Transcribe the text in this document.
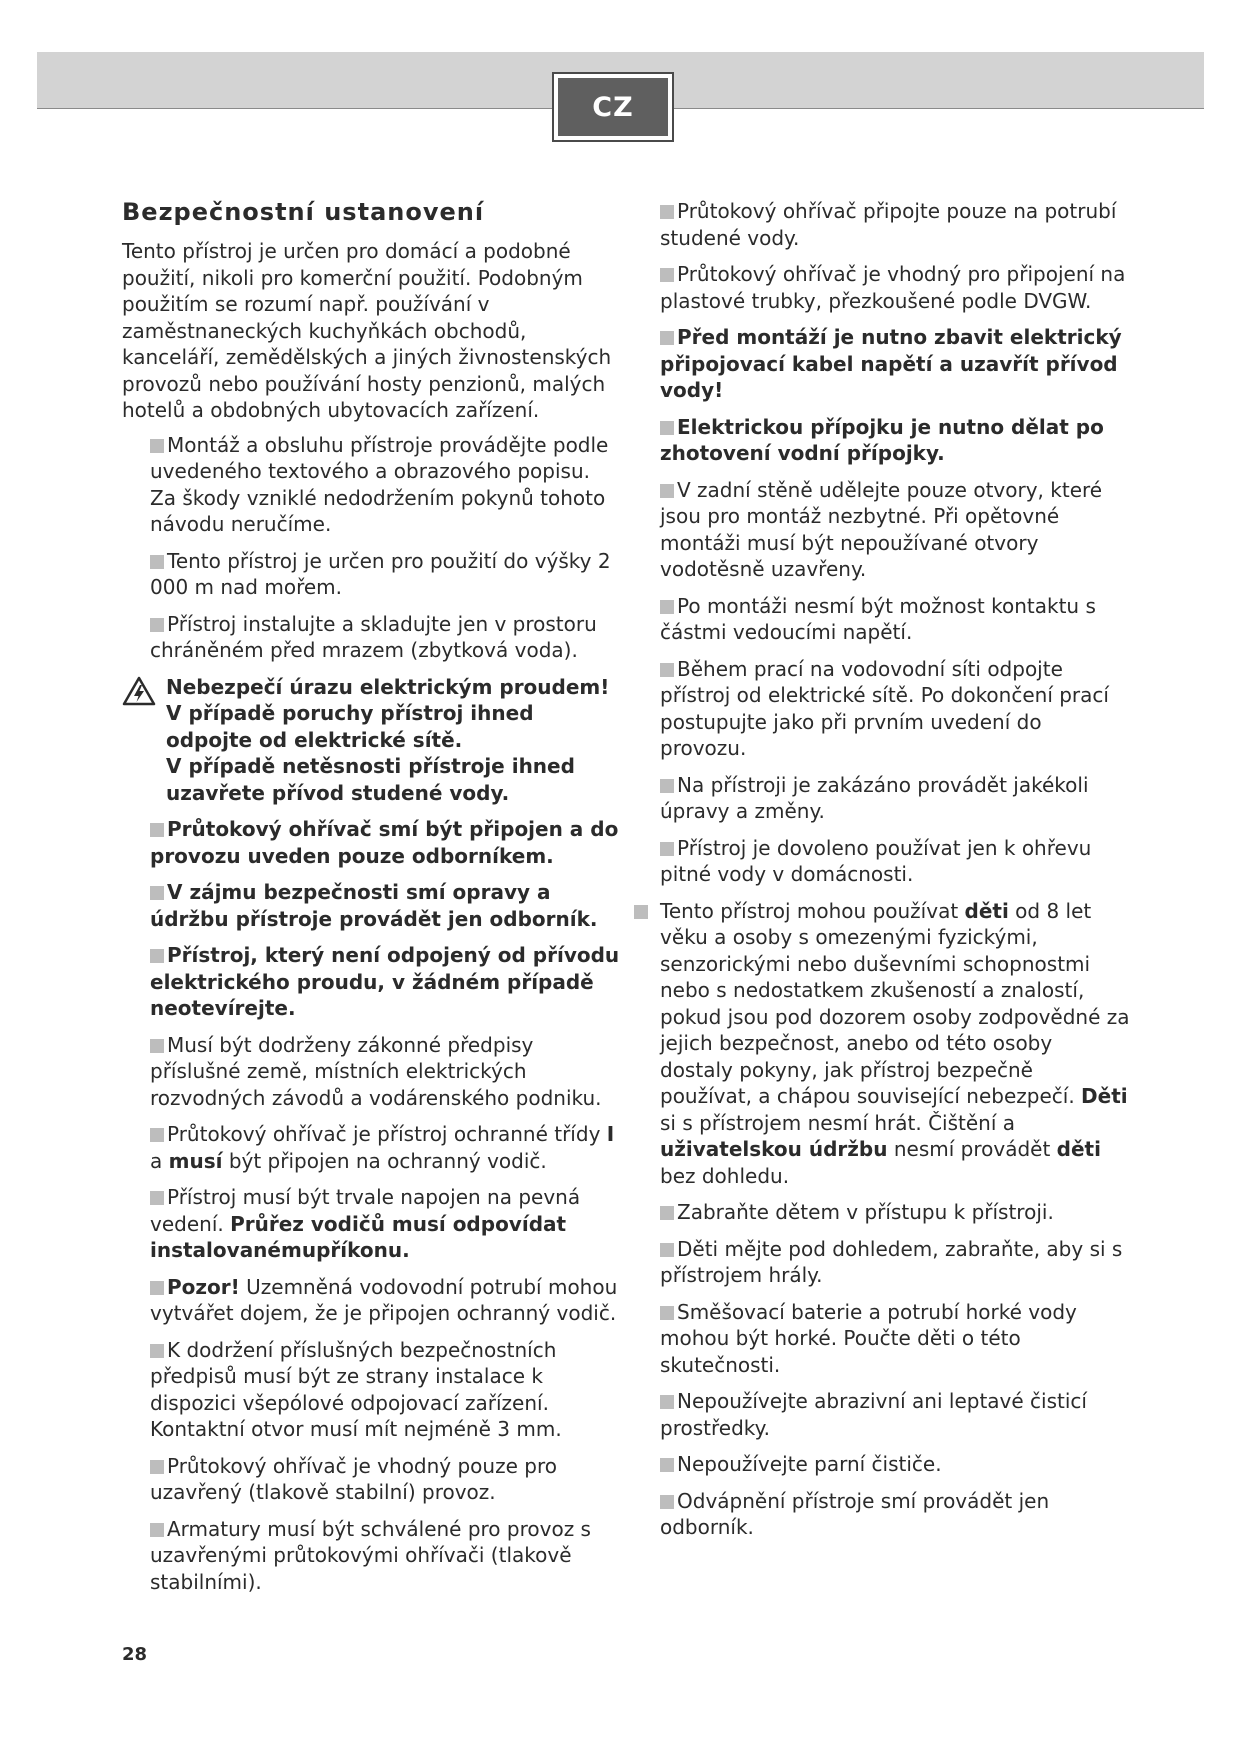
CZ
Bezpečnostní ustanovení

Tento přístroj je určen pro domácí a podobné použití, nikoli pro komerční použití. Podobným použitím se rozumí např. používání v zaměstnaneckých kuchyňkách obchodů, kanceláří, zemědělských a jiných živnostenských provozů nebo používání hosty penzionů, malých hotelů a obdobných ubytovacích zařízení.

Montáž a obsluhu přístroje provádějte podle uvedeného textového a obrazového popisu. Za škody vzniklé nedodržením pokynů tohoto návodu neručíme.

Tento přístroj je určen pro použití do výšky 2 000 m nad mořem.

Přístroj instalujte a skladujte jen v prostoru chráněném před mrazem (zbytková voda).

Nebezpečí úrazu elektrickým proudem!

V případě poruchy přístroj ihned odpojte od elektrické sítě.

V případě netěsnosti přístroje ihned uzavřete přívod studené vody.

Průtokový ohřívač smí být připojen a do provozu uveden pouze odborníkem.

V zájmu bezpečnosti smí opravy a údržbu přístroje provádět jen odborník.

Přístroj, který není odpojený od přívodu elektrického proudu, v žádném případě neotevírejte.

Musí být dodrženy zákonné předpisy příslušné země, místních elektrických rozvodných závodů a vodárenského podniku.

Průtokový ohřívač je přístroj ochranné třídy I a musí být připojen na ochranný vodič.

Přístroj musí být trvale napojen na pevná vedení. Průřez vodičů musí odpovídat instalovanémupříkonu.

Pozor! Uzemněná vodovodní potrubí mohou vytvářet dojem, že je připojen ochranný vodič.

K dodržení příslušných bezpečnostních předpisů musí být ze strany instalace k dispozici všepólové odpojovací zařízení. Kontaktní otvor musí mít nejméně 3 mm.

Průtokový ohřívač je vhodný pouze pro uzavřený (tlakově stabilní) provoz.

Armatury musí být schválené pro provoz s uzavřenými průtokovými ohřívači (tlakově stabilními).

Průtokový ohřívač připojte pouze na potrubí studené vody.

Průtokový ohřívač je vhodný pro připojení na plastové trubky, přezkoušené podle DVGW.

Před montáží je nutno zbavit elektrický připojovací kabel napětí a uzavřít přívod vody!

Elektrickou přípojku je nutno dělat po zhotovení vodní přípojky.

V zadní stěně udělejte pouze otvory, které jsou pro montáž nezbytné. Při opětovné montáži musí být nepoužívané otvory vodotěsně uzavřeny.

Po montáži nesmí být možnost kontaktu s částmi vedoucími napětí.

Během prací na vodovodní síti odpojte přístroj od elektrické sítě. Po dokončení prací postupujte jako při prvním uvedení do provozu.

Na přístroji je zakázáno provádět jakékoli úpravy a změny.

Přístroj je dovoleno používat jen k ohřevu pitné vody v domácnosti.

Tento přístroj mohou používat děti od 8 let věku a osoby s omezenými fyzickými, senzorickými nebo duševními schopnostmi nebo s nedostatkem zkušeností a znalostí, pokud jsou pod dozorem osoby zodpovědné za jejich bezpečnost, anebo od této osoby dostaly pokyny, jak přístroj bezpečně používat, a chápou související nebezpečí. Děti si s přístrojem nesmí hrát. Čištění a uživatelskou údržbu nesmí provádět děti bez dohledu.

Zabraňte dětem v přístupu k přístroji.

Děti mějte pod dohledem, zabraňte, aby si s přístrojem hrály.

Směšovací baterie a potrubí horké vody mohou být horké. Poučte děti o této skutečnosti.

Nepoužívejte abrazivní ani leptavé čisticí prostředky.

Nepoužívejte parní čističe.

Odvápnění přístroje smí provádět jen odborník.

28
